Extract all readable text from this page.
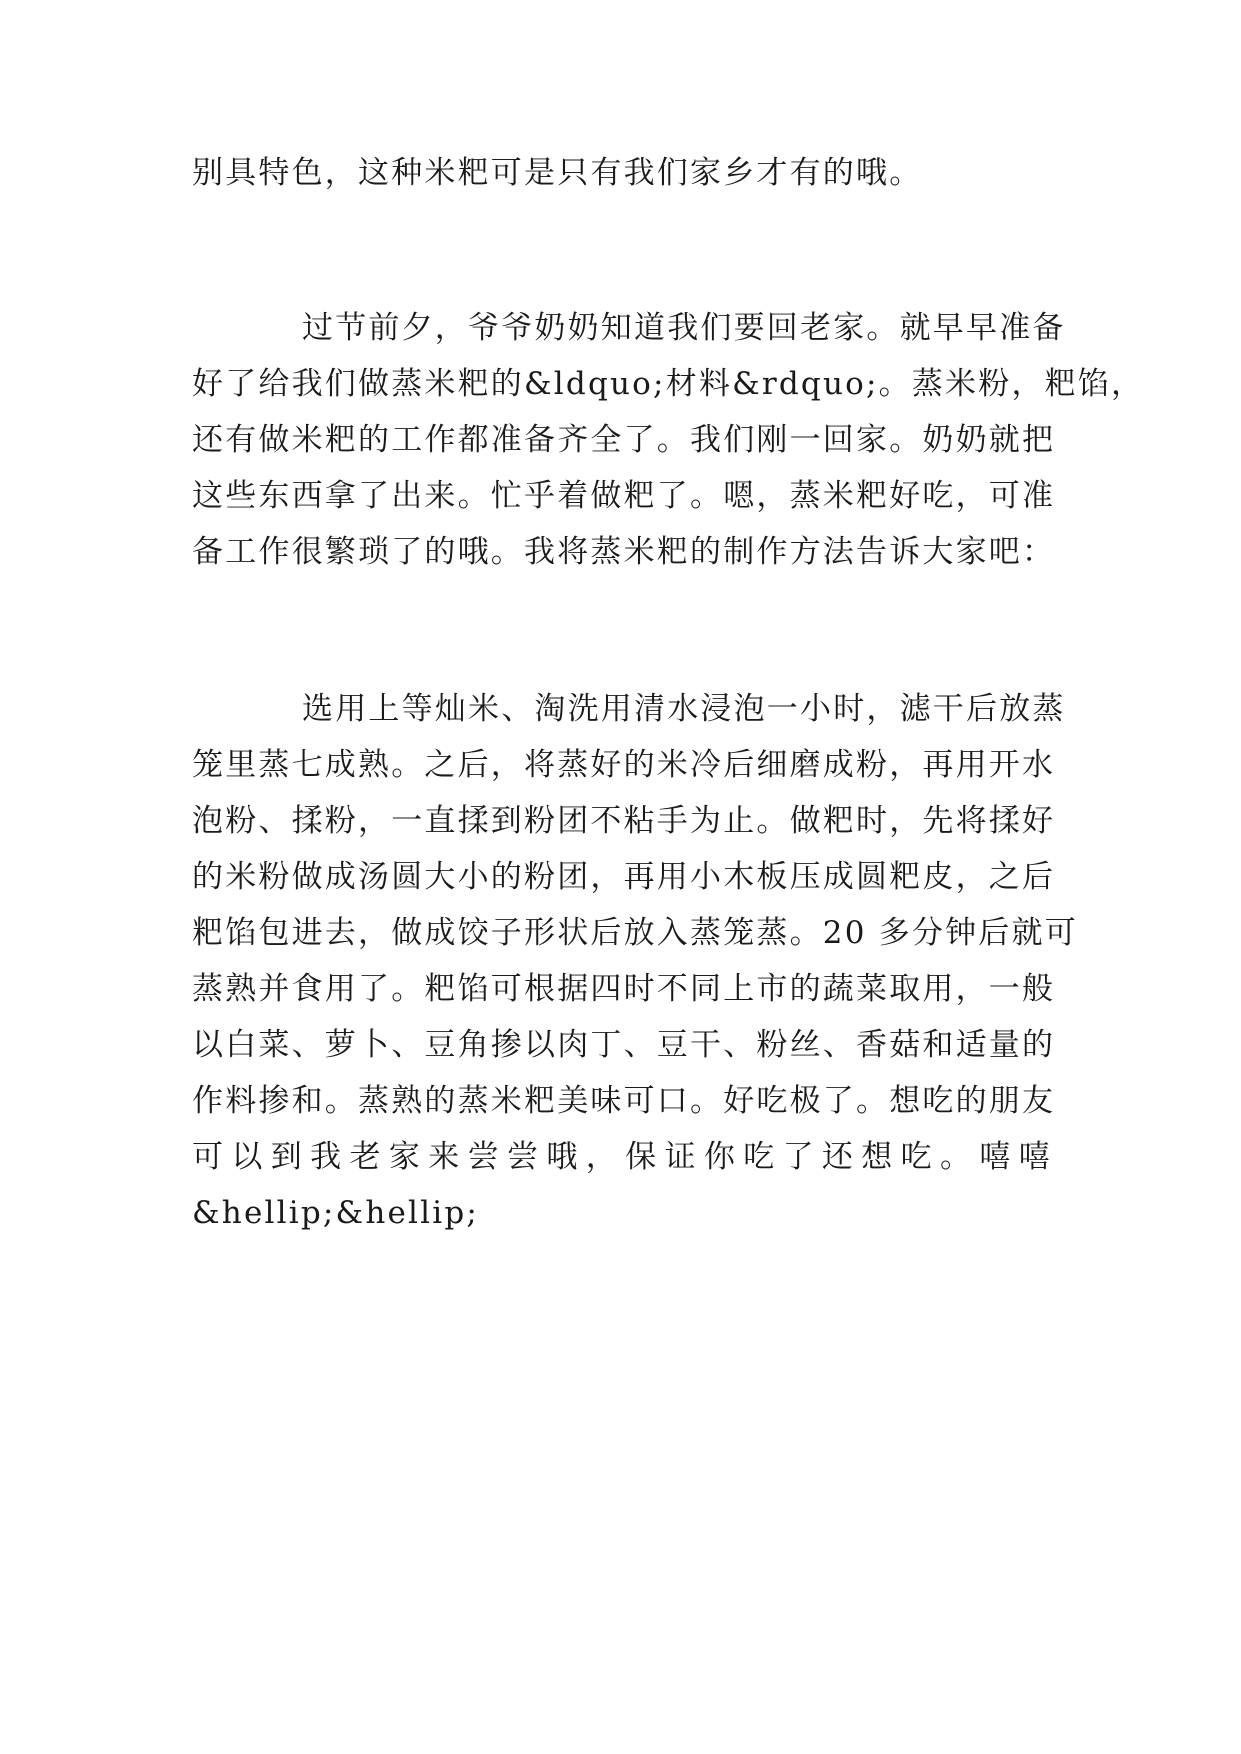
别具特色，这种米粑可是只有我们家乡才有的哦。
过节前夕，爷爷奶奶知道我们要回老家。就早早准备
好了给我们做蒸米粑的&ldquo;材料&rdquo;。蒸米粉，粑馅，
还有做米粑的工作都准备齐全了。我们刚一回家。奶奶就把
这些东西拿了出来。忙乎着做粑了。嗯，蒸米粑好吃，可准
备工作很繁琐了的哦。我将蒸米粑的制作方法告诉大家吧：
选用上等灿米、淘洗用清水浸泡一小时，滤干后放蒸
笼里蒸七成熟。之后，将蒸好的米冷后细磨成粉，再用开水
泡粉、揉粉，一直揉到粉团不粘手为止。做粑时，先将揉好
的米粉做成汤圆大小的粉团，再用小木板压成圆粑皮，之后
粑馅包进去，做成饺子形状后放入蒸笼蒸。20 多分钟后就可
蒸熟并食用了。粑馅可根据四时不同上市的蔬菜取用，一般
以白菜、萝卜、豆角掺以肉丁、豆干、粉丝、香菇和适量的
作料掺和。蒸熟的蒸米粑美味可口。好吃极了。想吃的朋友
可以到我老家来尝尝哦，保证你吃了还想吃。嘻嘻
&hellip;&hellip;
